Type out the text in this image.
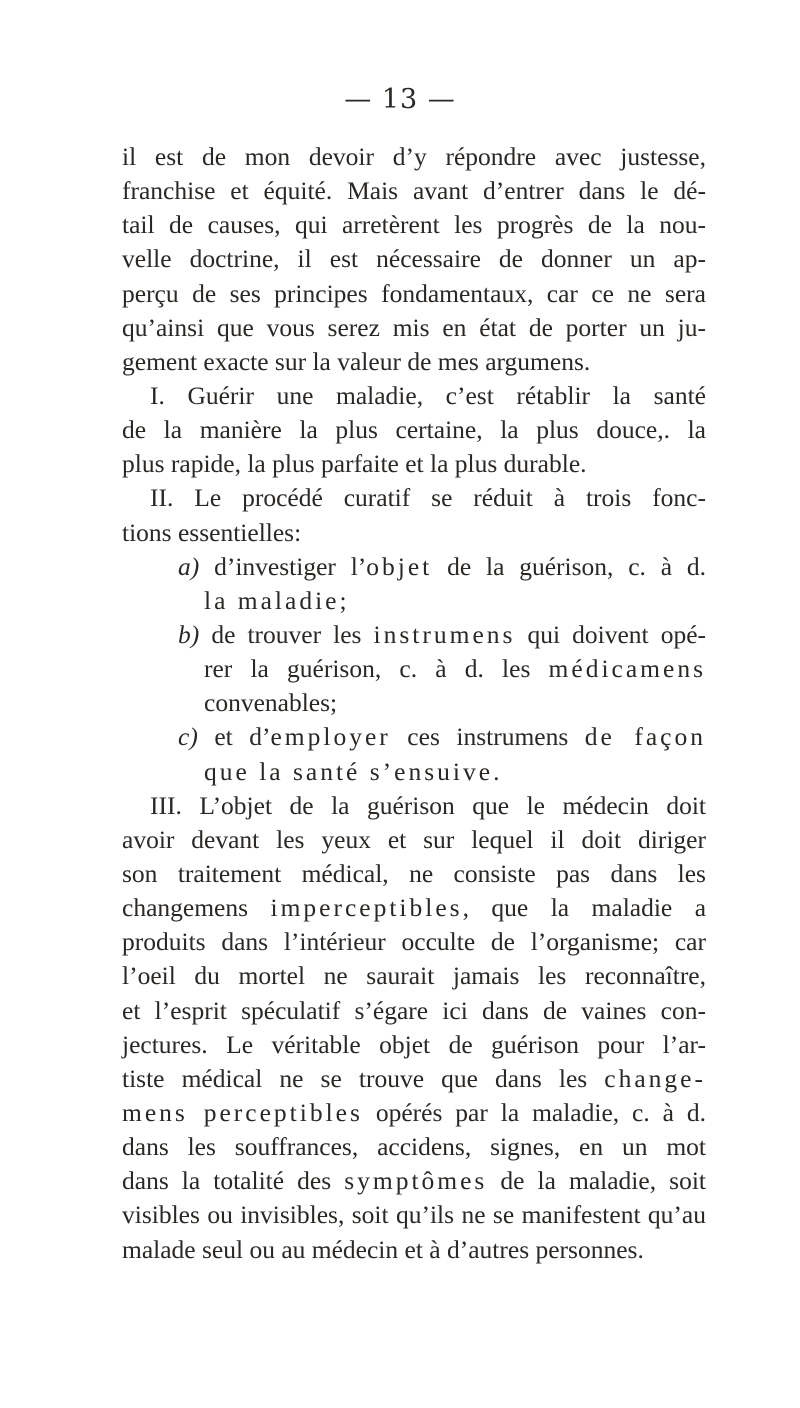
— 13 —
il est de mon devoir d’y répondre avec justesse,
franchise et équité. Mais avant d’entrer dans le dé-
tail de causes, qui arretèrent les progrès de la nou-
velle doctrine, il est nécessaire de donner un ap-
perçu de ses principes fondamentaux, car ce ne sera
qu’ainsi que vous serez mis en état de porter un ju-
gement exacte sur la valeur de mes argumens.
I. Guérir une maladie, c’est rétablir la santé
de la manière la plus certaine, la plus douce,. la
plus rapide, la plus parfaite et la plus durable.
II. Le procédé curatif se réduit à trois fonc-
tions essentielles:
a) d’investiger l’objet de la guérison, c. à d.
la maladie;
b) de trouver les instrumens qui doivent opé-
rer la guérison, c. à d. les médicamens
convenables;
c) et d’employer ces instrumens de façon
que la santé s’ensuive.
III. L’objet de la guérison que le médecin doit
avoir devant les yeux et sur lequel il doit diriger
son traitement médical, ne consiste pas dans les
changemens imperceptibles, que la maladie a
produits dans l’intérieur occulte de l’organisme; car
l’oeil du mortel ne saurait jamais les reconnaître,
et l’esprit spéculatif s’égare ici dans de vaines con-
jectures. Le véritable objet de guérison pour l’ar-
tiste médical ne se trouve que dans les change-
mens perceptibles opérés par la maladie, c. à d.
dans les souffrances, accidens, signes, en un mot
dans la totalité des symptômes de la maladie, soit
visibles ou invisibles, soit qu’ils ne se manifestent qu’au
malade seul ou au médecin et à d’autres personnes.
